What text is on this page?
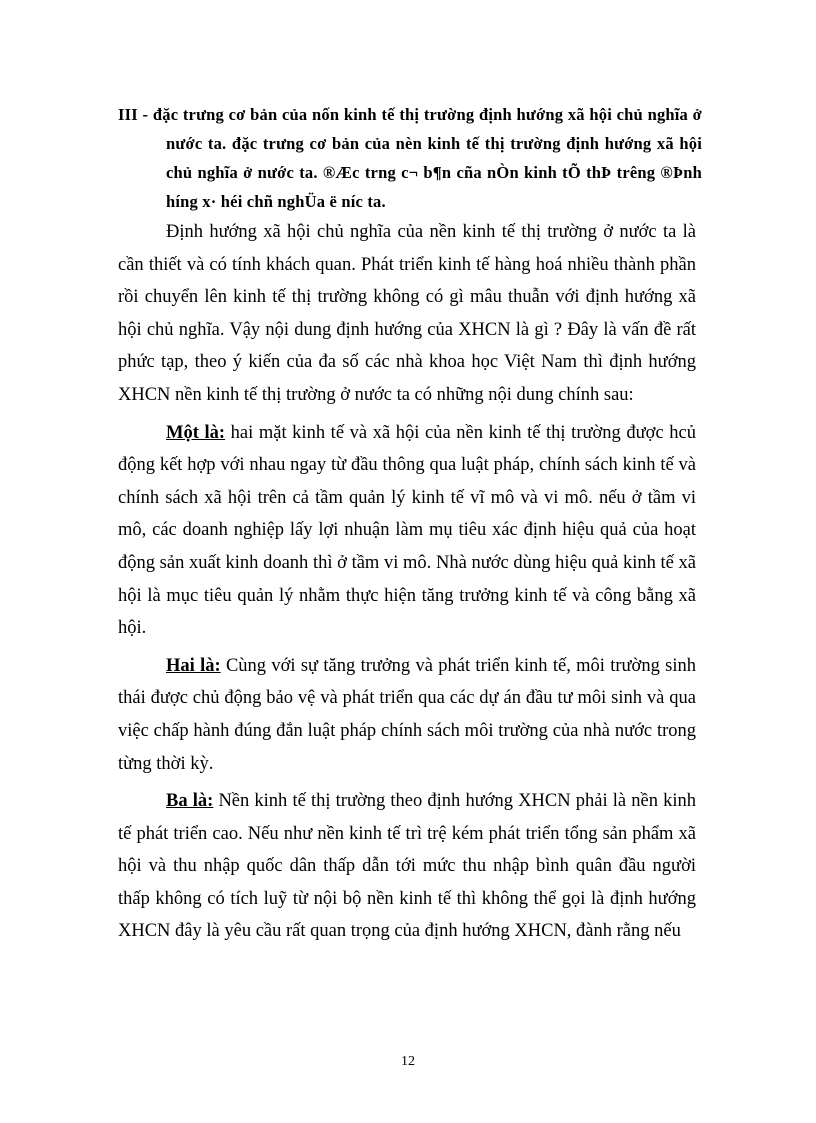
III - đặc trưng cơ bản của nốn kinh tế thị trường định hướng xã hội chủ nghĩa ở
nước ta. đặc trưng cơ bản của nèn kinh tế thị trường định hướng xã hội chủ nghĩa ở nước ta. ®Æc trng c¬ b¶n cña nÒn kinh tÕ thÞ trêng ®Þnh híng x· héi chñ nghÜa ë níc ta.

Định hướng xã hội chủ nghĩa của nền kinh tế thị trường ở nước ta là cần thiết và có tính khách quan. Phát triển kinh tế hàng hoá nhiều thành phần rồi chuyển lên kinh tế thị trường không có gì mâu thuẫn với định hướng xã hội chủ nghĩa. Vậy nội dung định hướng của XHCN là gì ? Đây là vấn đề rất phức tạp, theo ý kiến của đa số các nhà khoa học Việt Nam thì định hướng XHCN nền kinh tế thị trường ở nước ta có những nội dung chính sau:

Một là: hai mặt kinh tế và xã hội của nền kinh tế thị trường được hcủ động kết hợp với nhau ngay từ đầu thông qua luật pháp, chính sách kinh tế và chính sách xã hội trên cả tầm quản lý kinh tế vĩ mô và vi mô. nếu ở tầm vi mô, các doanh nghiệp lấy lợi nhuận làm mụ tiêu xác định hiệu quả của hoạt động sản xuất kinh doanh thì ở tầm vi mô. Nhà nước dùng hiệu quả kinh tế xã hội là mục tiêu quản lý nhằm thực hiện tăng trưởng kinh tế và công bằng xã hội.

Hai là: Cùng với sự tăng trưởng và phát triển kinh tế, môi trường sinh thái được chủ động bảo vệ và phát triển qua các dự án đầu tư môi sinh và qua việc chấp hành đúng đắn luật pháp chính sách môi trường của nhà nước trong từng thời kỳ.

Ba là: Nền kinh tế thị trường theo định hướng XHCN phải là nền kinh tế phát triển cao. Nếu như nền kinh tế trì trệ kém phát triển tổng sản phẩm xã hội và thu nhập quốc dân thấp dẫn tới mức thu nhập bình quân đầu người thấp không có tích luỹ từ nội bộ nền kinh tế thì không thể gọi là định hướng XHCN đây là yêu cầu rất quan trọng của định hướng XHCN, đành rằng nếu

12
